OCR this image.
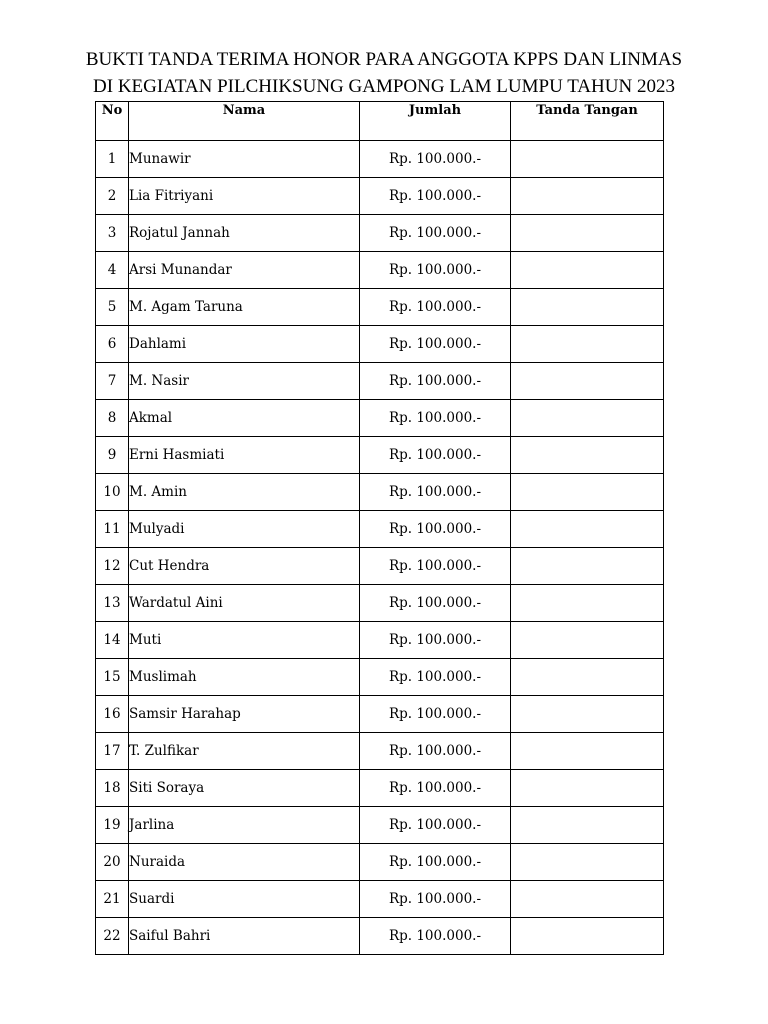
BUKTI TANDA TERIMA HONOR PARA ANGGOTA KPPS DAN LINMAS
DI KEGIATAN PILCHIKSUNG GAMPONG LAM LUMPU TAHUN 2023
No	Nama	Jumlah	Tanda Tangan
1	Munawir	Rp. 100.000.-	
2	Lia Fitriyani	Rp. 100.000.-	
3	Rojatul Jannah	Rp. 100.000.-	
4	Arsi Munandar	Rp. 100.000.-	
5	M. Agam Taruna	Rp. 100.000.-	
6	Dahlami	Rp. 100.000.-	
7	M. Nasir	Rp. 100.000.-	
8	Akmal	Rp. 100.000.-	
9	Erni Hasmiati	Rp. 100.000.-	
10	M. Amin	Rp. 100.000.-	
11	Mulyadi	Rp. 100.000.-	
12	Cut Hendra	Rp. 100.000.-	
13	Wardatul Aini	Rp. 100.000.-	
14	Muti	Rp. 100.000.-	
15	Muslimah	Rp. 100.000.-	
16	Samsir Harahap	Rp. 100.000.-	
17	T. Zulfikar	Rp. 100.000.-	
18	Siti Soraya	Rp. 100.000.-	
19	Jarlina	Rp. 100.000.-	
20	Nuraida	Rp. 100.000.-	
21	Suardi	Rp. 100.000.-	
22	Saiful Bahri	Rp. 100.000.-	
